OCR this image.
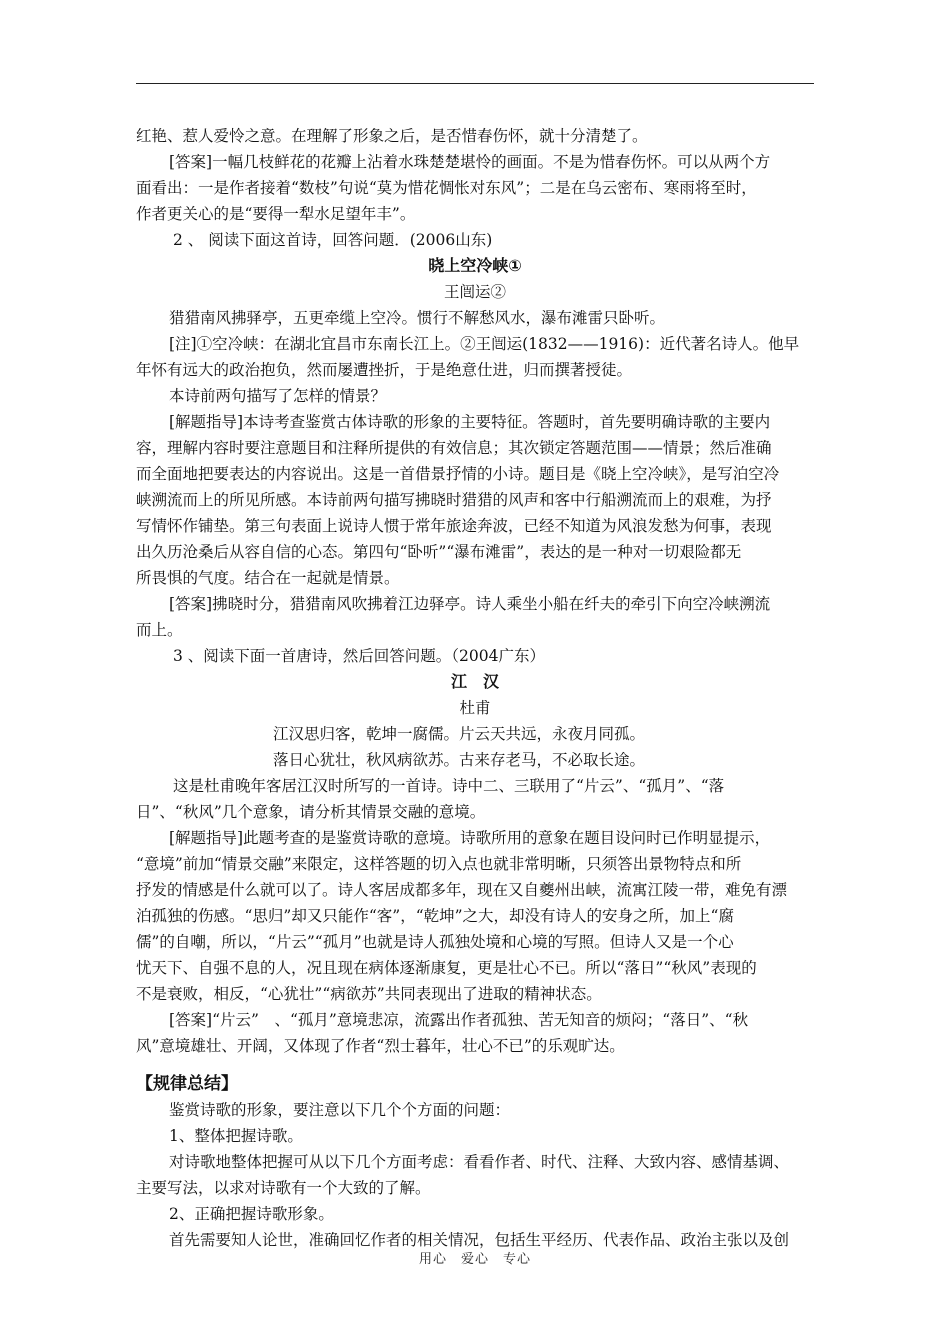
红艳、惹人爱怜之意。在理解了形象之后，是否惜春伤怀，就十分清楚了。
[答案]一幅几枝鲜花的花瓣上沾着水珠楚楚堪怜的画面。不是为惜春伤怀。可以从两个方
面看出：一是作者接着“数枝”句说“莫为惜花惆怅对东风”；二是在乌云密布、寒雨将至时，
作者更关心的是“要得一犁水足望年丰”。
2 、 阅读下面这首诗，回答问题．(2006山东)
晓上空冷峡①
王闿运②
猎猎南风拂驿亭，五更牵缆上空冷。惯行不解愁风水，瀑布滩雷只卧听。
[注]①空冷峡：在湖北宜昌市东南长江上。②王闿运(1832——1916)：近代著名诗人。他早
年怀有远大的政治抱负，然而屡遭挫折，于是绝意仕进，归而撰著授徒。
本诗前两句描写了怎样的情景？
[解题指导]本诗考查鉴赏古体诗歌的形象的主要特征。答题时，首先要明确诗歌的主要内
容，理解内容时要注意题目和注释所提供的有效信息；其次锁定答题范围——情景；然后准确
而全面地把要表达的内容说出。这是一首借景抒情的小诗。题目是《晓上空冷峡》，是写泊空冷
峡溯流而上的所见所感。本诗前两句描写拂晓时猎猎的风声和客中行船溯流而上的艰难，为抒
写情怀作铺垫。第三句表面上说诗人惯于常年旅途奔波，已经不知道为风浪发愁为何事，表现
出久历沧桑后从容自信的心态。第四句“卧听”“瀑布滩雷”，表达的是一种对一切艰险都无
所畏惧的气度。结合在一起就是情景。
[答案]拂晓时分，猎猎南风吹拂着江边驿亭。诗人乘坐小船在纤夫的牵引下向空冷峡溯流
而上。
3 、阅读下面一首唐诗，然后回答问题。（2004广东）
江　汉
杜甫
江汉思归客，乾坤一腐儒。片云天共远，永夜月同孤。
落日心犹壮，秋风病欲苏。古来存老马，不必取长途。
这是杜甫晚年客居江汉时所写的一首诗。诗中二、三联用了“片云”、“孤月”、“落
日”、“秋风”几个意象，请分析其情景交融的意境。
[解题指导]此题考查的是鉴赏诗歌的意境。诗歌所用的意象在题目设问时已作明显提示，
“意境”前加“情景交融”来限定，这样答题的切入点也就非常明晰，只须答出景物特点和所
抒发的情感是什么就可以了。诗人客居成都多年，现在又自夔州出峡，流寓江陵一带，难免有漂
泊孤独的伤感。“思归”却又只能作“客”，“乾坤”之大，却没有诗人的安身之所，加上“腐
儒”的自嘲，所以，“片云”“孤月”也就是诗人孤独处境和心境的写照。但诗人又是一个心
忧天下、自强不息的人，况且现在病体逐渐康复，更是壮心不已。所以“落日”“秋风”表现的
不是衰败，相反，“心犹壮”“病欲苏”共同表现出了进取的精神状态。
[答案]“片云”　、“孤月”意境悲凉，流露出作者孤独、苦无知音的烦闷；“落日”、“秋
风”意境雄壮、开阔，又体现了作者“烈士暮年，壮心不已”的乐观旷达。
【规律总结】
鉴赏诗歌的形象，要注意以下几个个方面的问题：
1、整体把握诗歌。
对诗歌地整体把握可从以下几个方面考虑：看看作者、时代、注释、大致内容、感情基调、
主要写法，以求对诗歌有一个大致的了解。
2、正确把握诗歌形象。
首先需要知人论世，准确回忆作者的相关情况，包括生平经历、代表作品、政治主张以及创
用心　爱心　专心
